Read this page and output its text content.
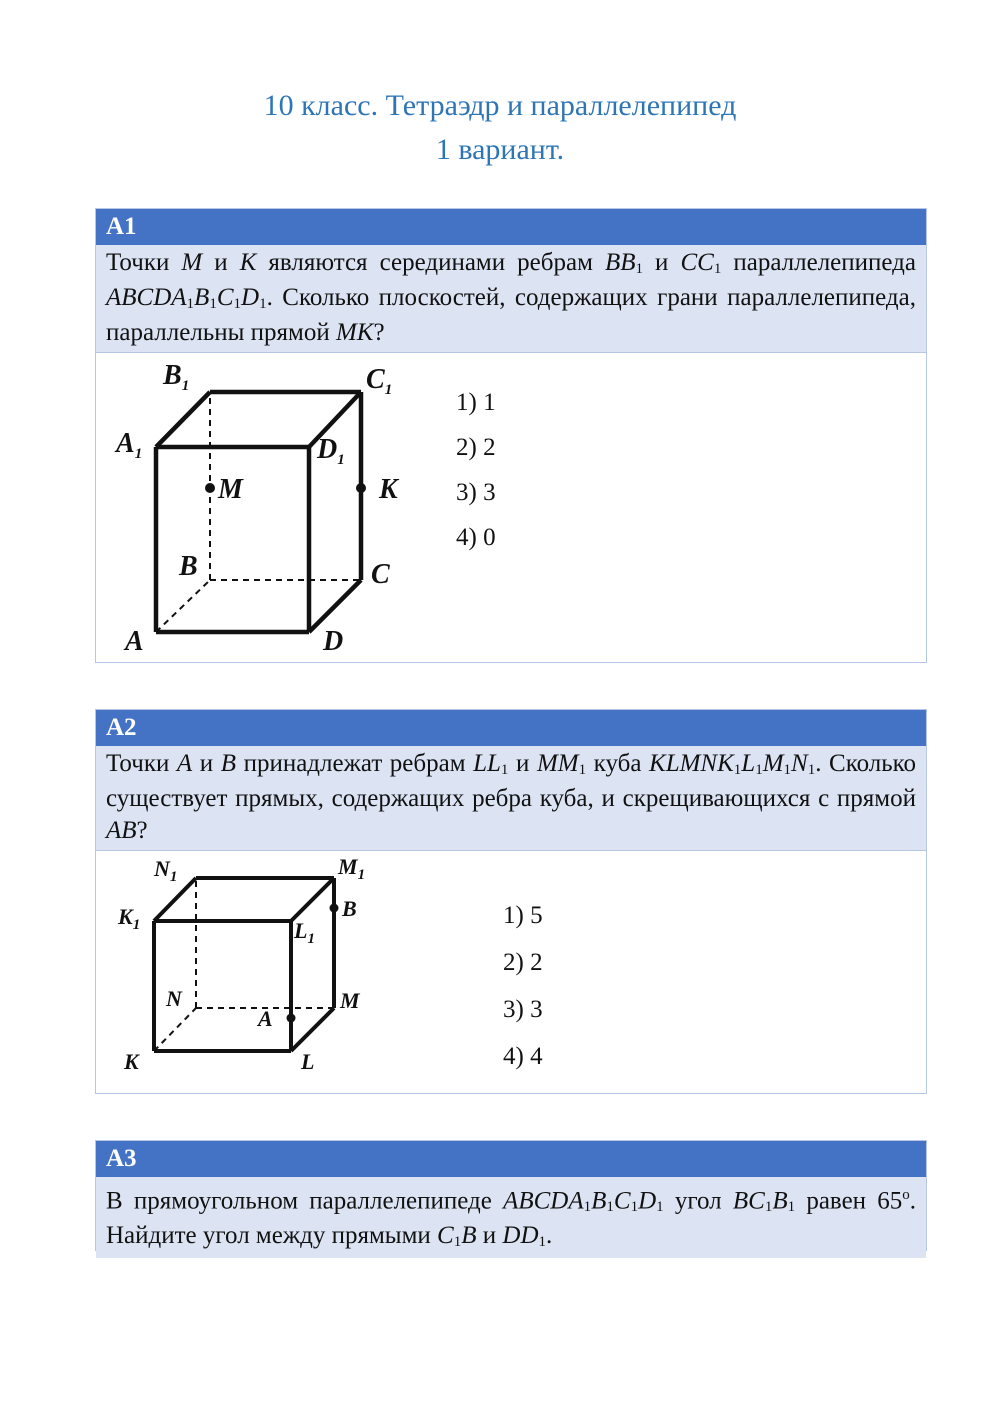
10 класс. Тетраэдр и параллелепипед
1 вариант.
A1
Точки M и K являются серединами ребрам $BB_1$ и $CC_1$ параллелепипеда $ABCDA_1B_1C_1D_1$. Сколько плоскостей, содержащих грани параллелепипеда, параллельны прямой MK?
$B_1$	$C_1$
$A_1$	$D_1$
M	K
B	C
A	D
1) 1
2) 2
3) 3
4) 0
A2
Точки A и B принадлежат ребрам $LL_1$ и $MM_1$ куба $KLMNK_1L_1M_1N_1$. Сколько существует прямых, содержащих ребра куба, и скрещивающихся с прямой AB?
$N_1$	$M_1$
$K_1$	$L_1$
B
N	M
A
K	L
1) 5
2) 2
3) 3
4) 4
A3
В прямоугольном параллелепипеде $ABCDA_1B_1C_1D_1$ угол $BC_1B_1$ равен 65$^o$. Найдите угол между прямыми $C_1B$ и $DD_1$.
